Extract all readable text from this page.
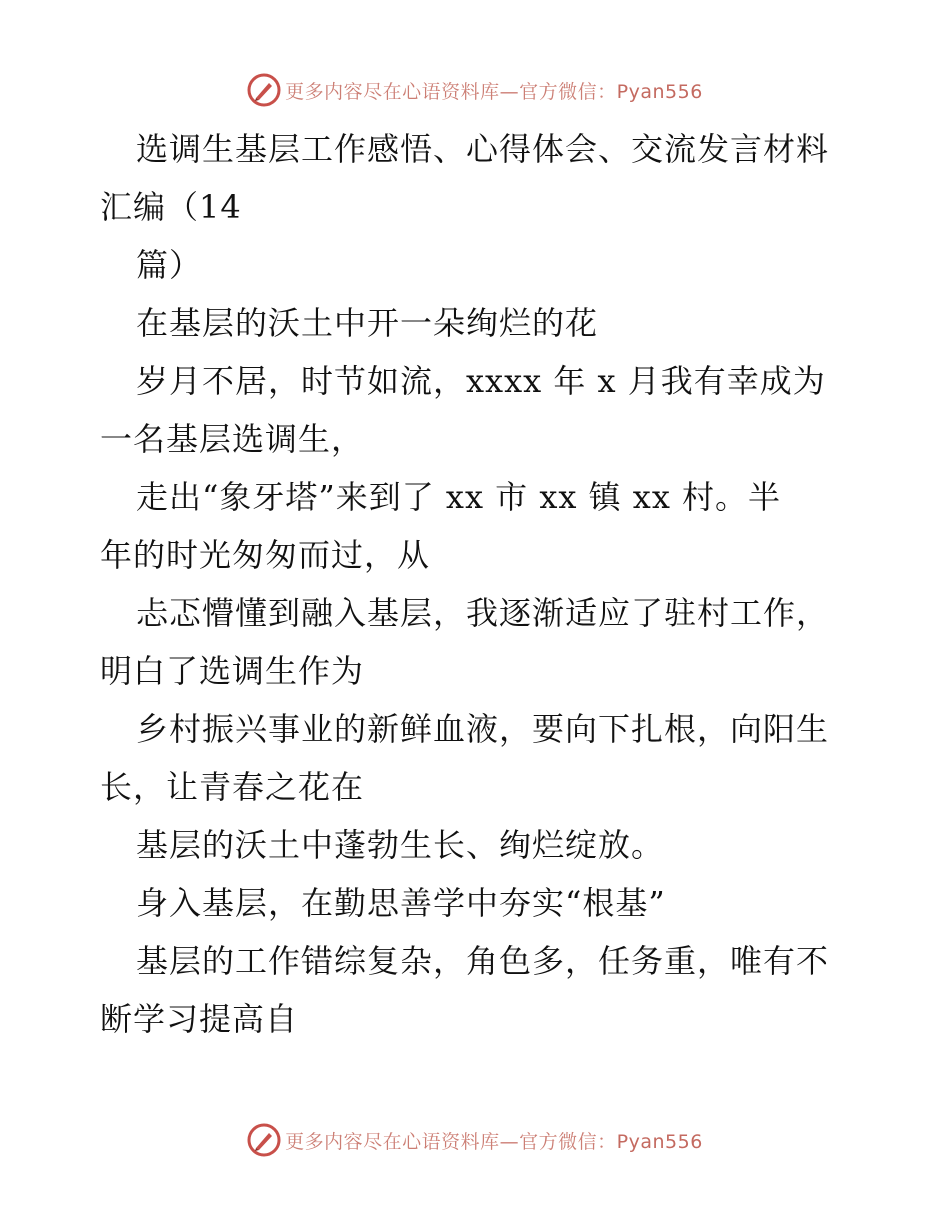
更多内容尽在心语资料库—官方微信：Pyan556
选调生基层工作感悟、心得体会、交流发言材料
汇编（14
篇）
在基层的沃土中开一朵绚烂的花
岁月不居，时节如流，xxxx 年 x 月我有幸成为
一名基层选调生，
走出“象牙塔”来到了 xx 市 xx 镇 xx 村。半
年的时光匆匆而过，从
忐忑懵懂到融入基层，我逐渐适应了驻村工作，
明白了选调生作为
乡村振兴事业的新鲜血液，要向下扎根，向阳生
长，让青春之花在
基层的沃土中蓬勃生长、绚烂绽放。
身入基层，在勤思善学中夯实“根基”
基层的工作错综复杂，角色多，任务重，唯有不
断学习提高自
更多内容尽在心语资料库—官方微信：Pyan556
